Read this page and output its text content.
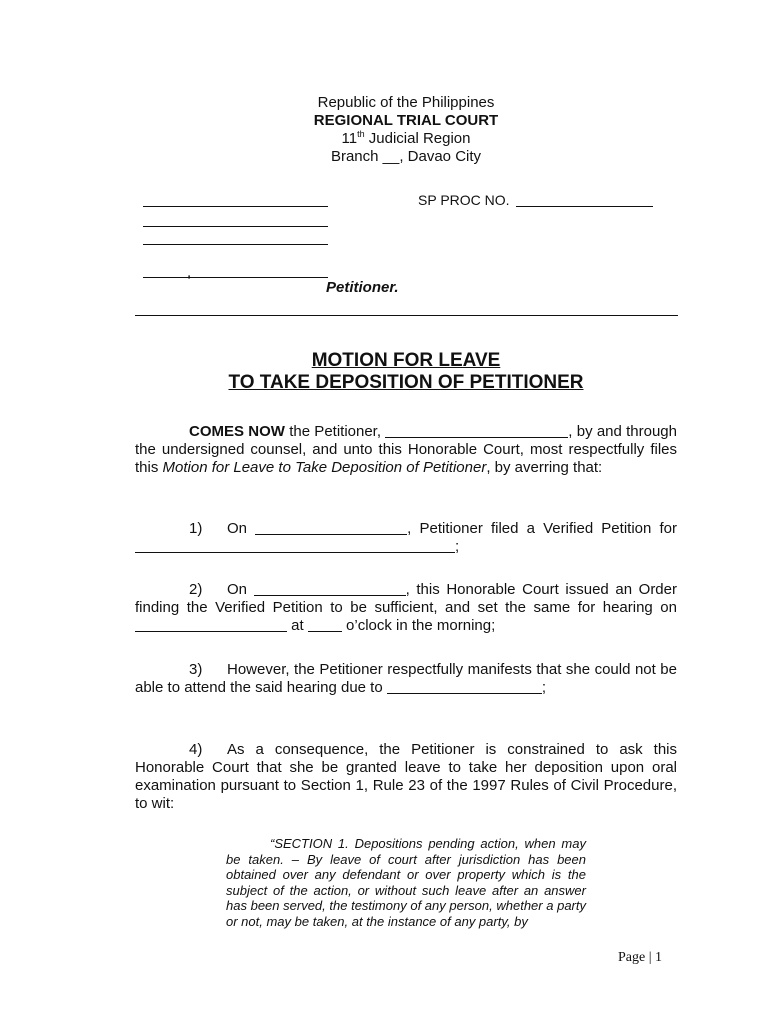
Republic of the Philippines
REGIONAL TRIAL COURT
11th Judicial Region
Branch __, Davao City
,
Petitioner.
SP PROC NO.
MOTION FOR LEAVE
TO TAKE DEPOSITION OF PETITIONER

COMES NOW the Petitioner,	, by and through the undersigned counsel, and unto this Honorable Court, most respectfully files this Motion for Leave to Take Deposition of Petitioner, by averring that:

1) On	, Petitioner filed a Verified Petition for ;

2) On	, this Honorable Court issued an Order finding the Verified Petition to be sufficient, and set the same for hearing on  at  o’clock in the morning;

3) However, the Petitioner respectfully manifests that she could not be able to attend the said hearing due to	;

4) As a consequence, the Petitioner is constrained to ask this Honorable Court that she be granted leave to take her deposition upon oral examination pursuant to Section 1, Rule 23 of the 1997 Rules of Civil Procedure, to wit:

“SECTION 1. Depositions pending action, when may be taken. – By leave of court after jurisdiction has been obtained over any defendant or over property which is the subject of the action, or without such leave after an answer has been served, the testimony of any person, whether a party or not, may be taken, at the instance of any party, by

Page | 1
